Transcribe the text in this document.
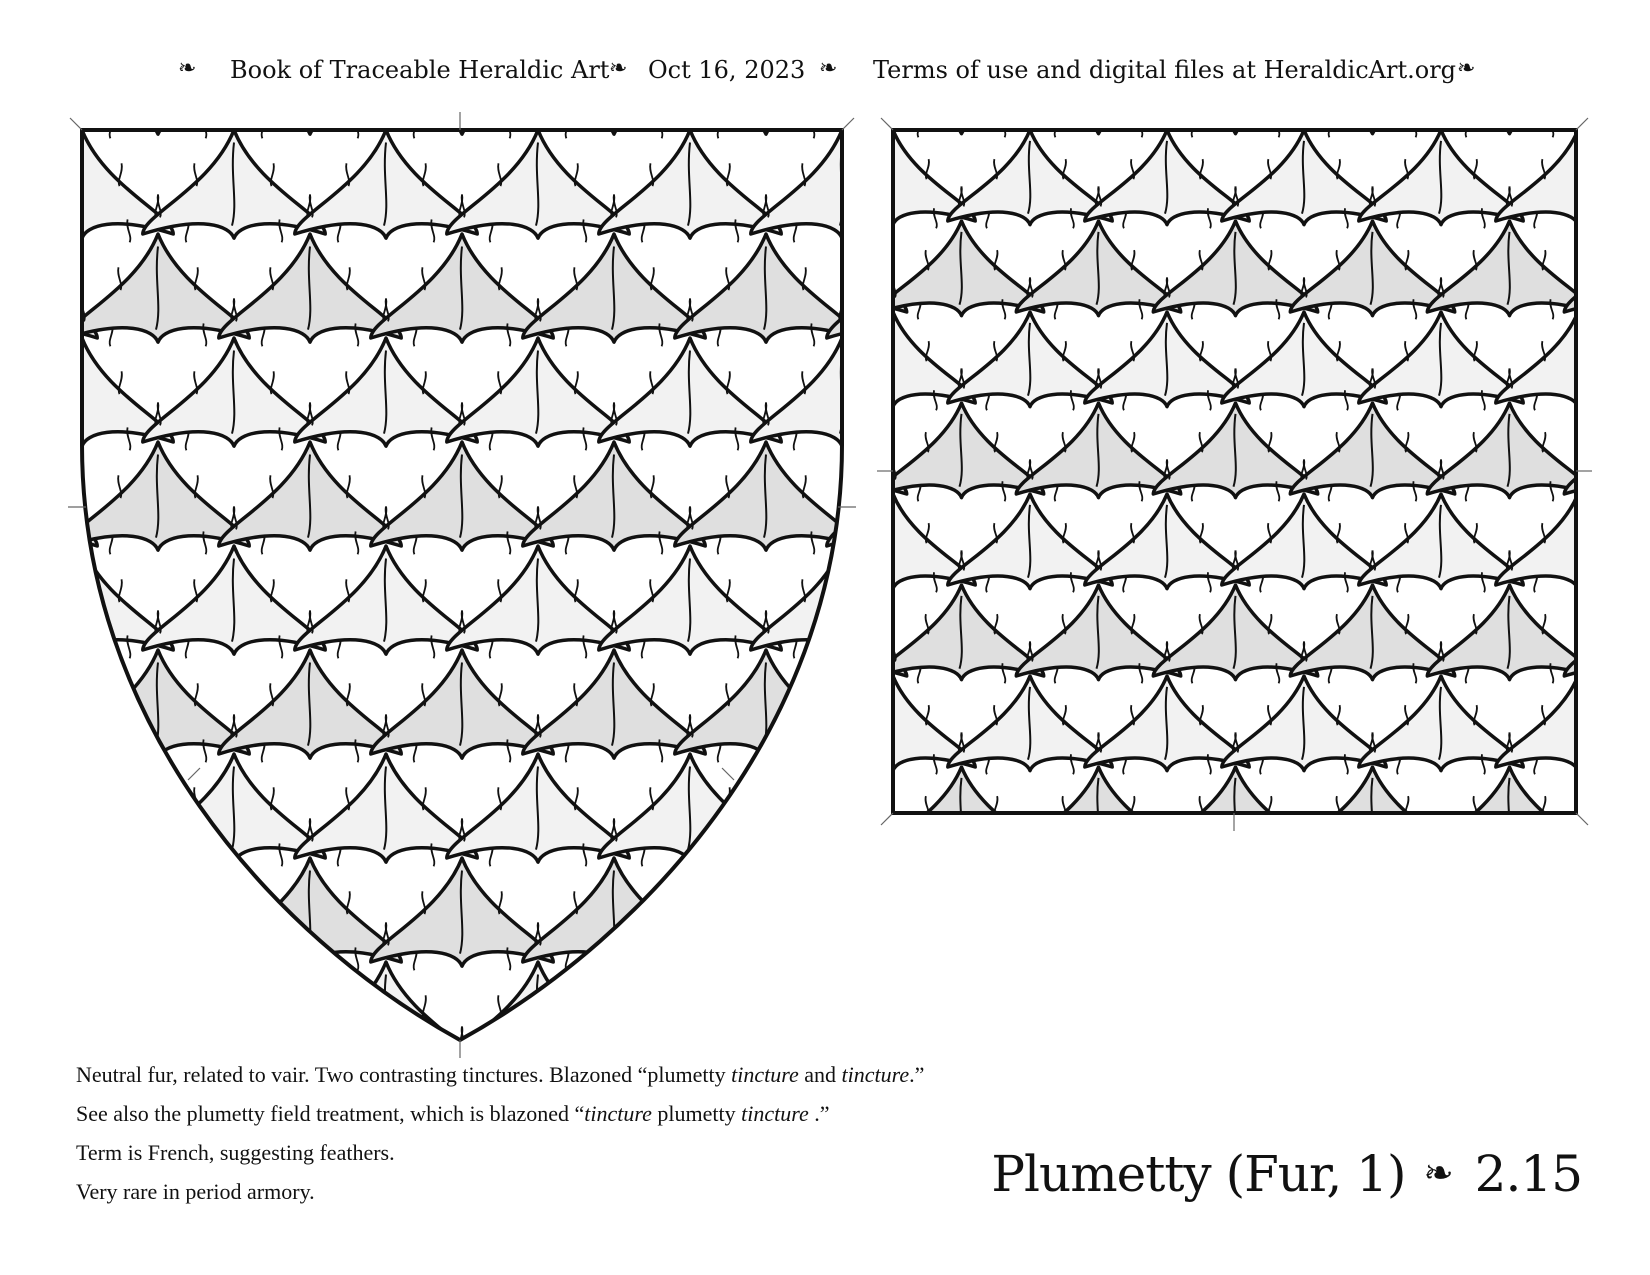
❧ Book of Traceable Heraldic Art ❧ Oct 16, 2023 ❧ Terms of use and digital files at HeraldicArt.org ❧

Neutral fur, related to vair. Two contrasting tinctures. Blazoned “plumetty tincture and tincture.”

See also the plumetty field treatment, which is blazoned “tincture plumetty tincture .”

Term is French, suggesting feathers.

Very rare in period armory.	Plumetty (Fur, 1) ❧ 2.15
